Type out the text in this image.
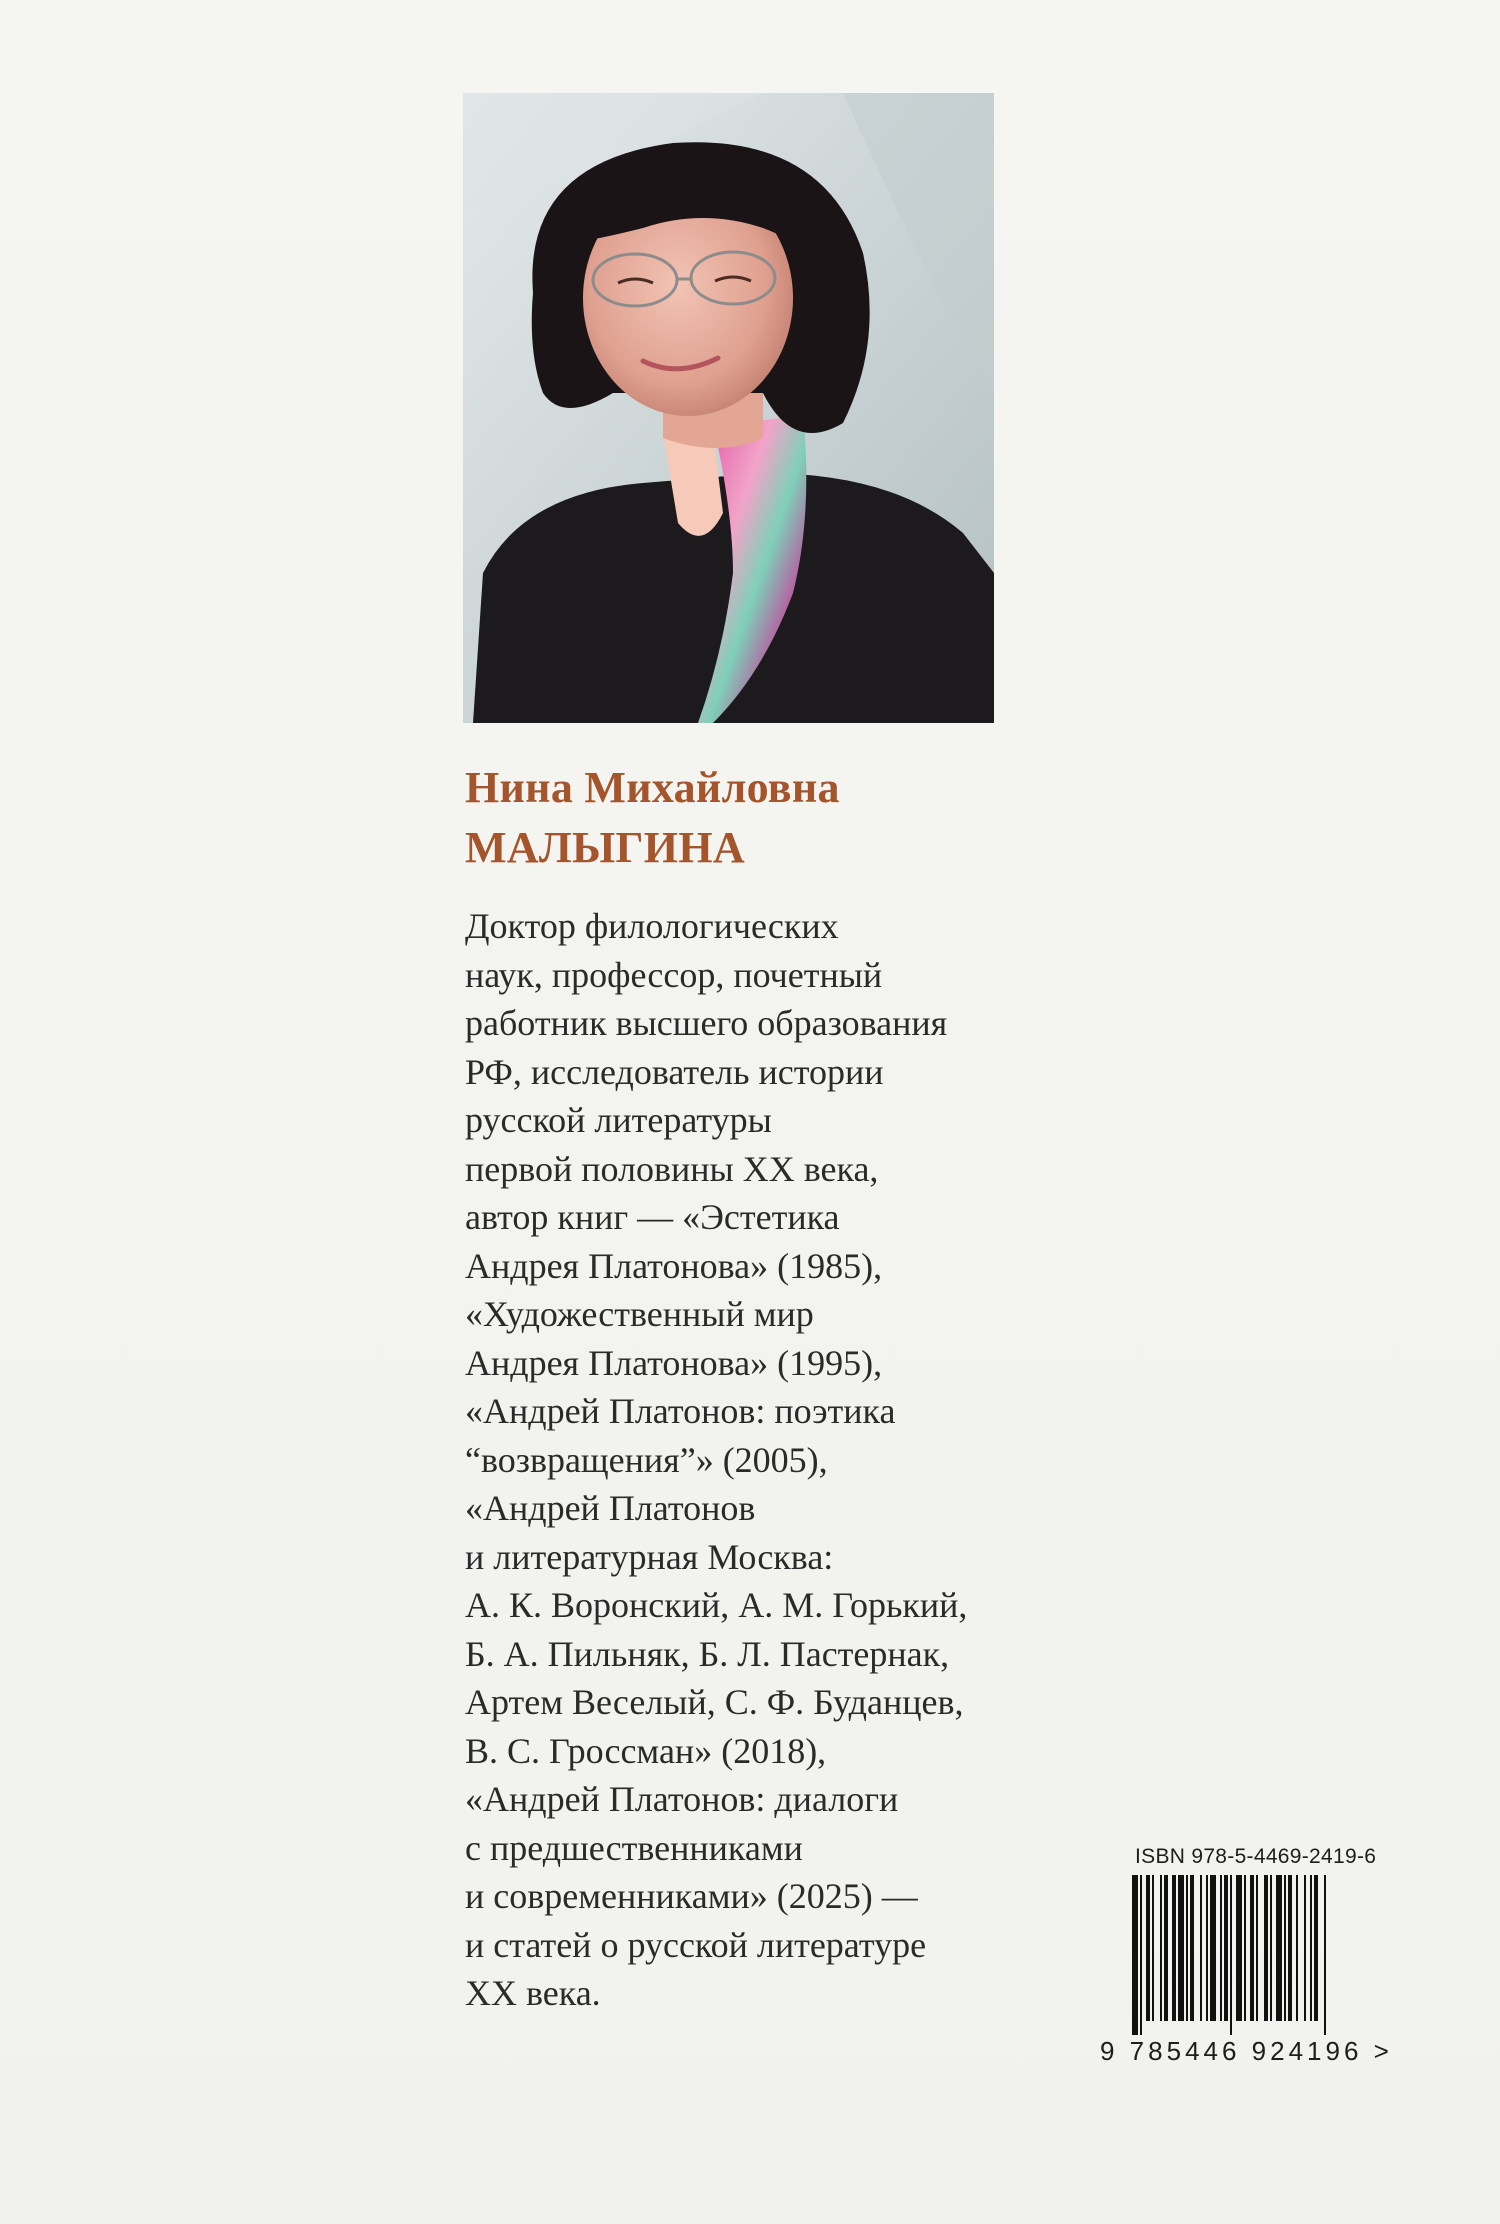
Нина Михайловна
МАЛЫГИНА
Доктор филологических
наук, профессор, почетный
работник высшего образования
РФ, исследователь истории
русской литературы
первой половины XX века,
автор книг — «Эстетика
Андрея Платонова» (1985),
«Художественный мир
Андрея Платонова» (1995),
«Андрей Платонов: поэтика
“возвращения”» (2005),
«Андрей Платонов
и литературная Москва:
А. К. Воронский, А. М. Горький,
Б. А. Пильняк, Б. Л. Пастернак,
Артем Веселый, С. Ф. Буданцев,
В. С. Гроссман» (2018),
«Андрей Платонов: диалоги
с предшественниками
и современниками» (2025) —
и статей о русской литературе
XX века.
ISBN 978-5-4469-2419-6
9 785446 924196 >
